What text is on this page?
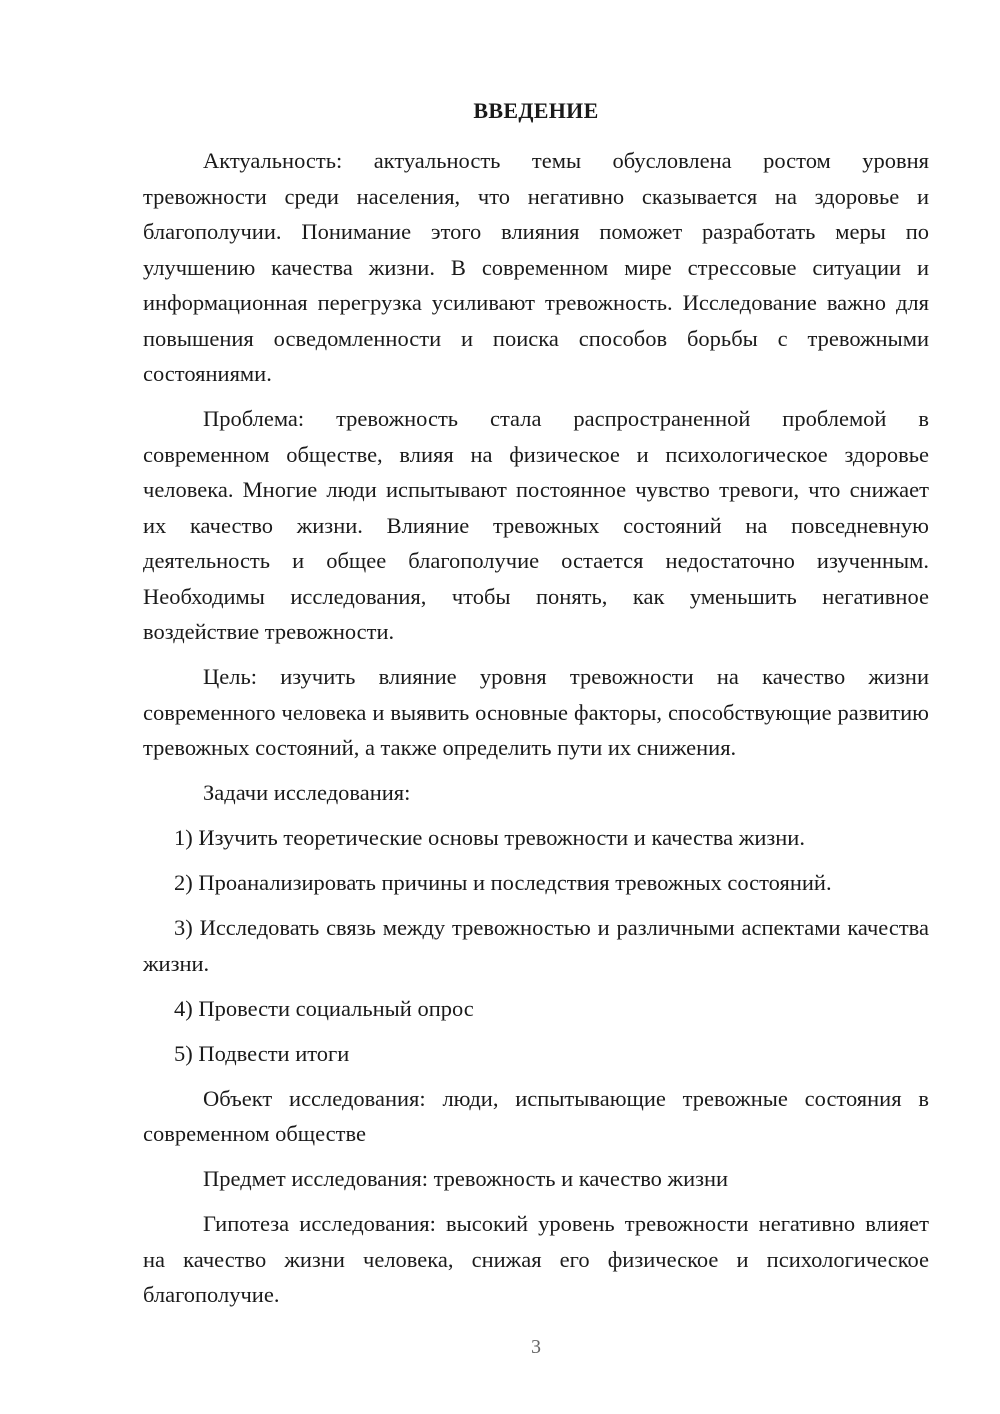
ВВЕДЕНИЕ

Актуальность: актуальность темы обусловлена ростом уровня тревожности среди населения, что негативно сказывается на здоровье и благополучии. Понимание этого влияния поможет разработать меры по улучшению качества жизни. В современном мире стрессовые ситуации и информационная перегрузка усиливают тревожность. Исследование важно для повышения осведомленности и поиска способов борьбы с тревожными состояниями.

Проблема: тревожность стала распространенной проблемой в современном обществе, влияя на физическое и психологическое здоровье человека. Многие люди испытывают постоянное чувство тревоги, что снижает их качество жизни. Влияние тревожных состояний на повседневную деятельность и общее благополучие остается недостаточно изученным. Необходимы исследования, чтобы понять, как уменьшить негативное воздействие тревожности.

Цель: изучить влияние уровня тревожности на качество жизни современного человека и выявить основные факторы, способствующие развитию тревожных состояний, а также определить пути их снижения.

Задачи исследования:

1) Изучить теоретические основы тревожности и качества жизни.

2) Проанализировать причины и последствия тревожных состояний.

3) Исследовать связь между тревожностью и различными аспектами качества жизни.

4) Провести социальный опрос

5) Подвести итоги

Объект исследования: люди, испытывающие тревожные состояния в современном обществе

Предмет исследования: тревожность и качество жизни

Гипотеза исследования: высокий уровень тревожности негативно влияет на качество жизни человека, снижая его физическое и психологическое благополучие.

3
